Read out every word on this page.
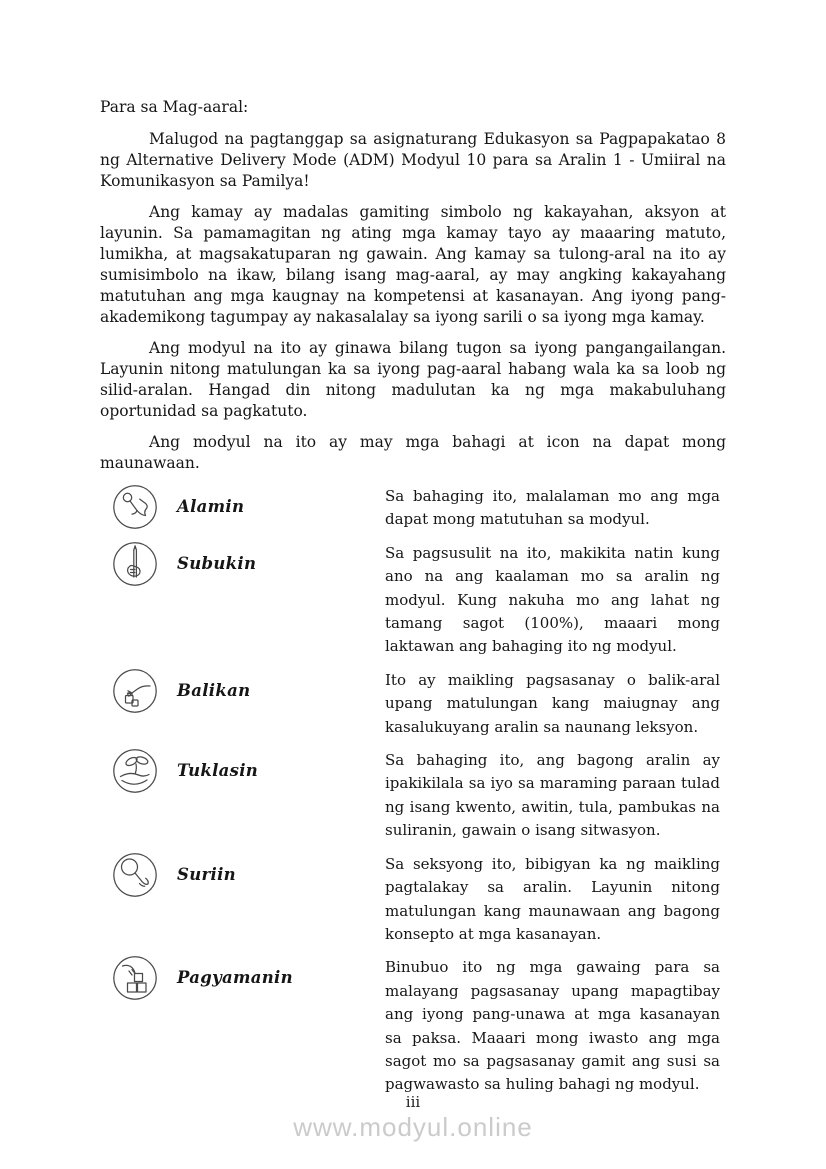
Para sa Mag-aaral:

Malugod na pagtanggap sa asignaturang Edukasyon sa Pagpapakatao 8 ng Alternative Delivery Mode (ADM) Modyul 10 para sa Aralin 1 - Umiiral na Komunikasyon sa Pamilya!

Ang kamay ay madalas gamiting simbolo ng kakayahan, aksyon at layunin. Sa pamamagitan ng ating mga kamay tayo ay maaaring matuto, lumikha, at magsakatuparan ng gawain. Ang kamay sa tulong-aral na ito ay sumisimbolo na ikaw, bilang isang mag-aaral, ay may angking kakayahang matutuhan ang mga kaugnay na kompetensi at kasanayan. Ang iyong pang-akademikong tagumpay ay nakasalalay sa iyong sarili o sa iyong mga kamay.

Ang modyul na ito ay ginawa bilang tugon sa iyong pangangailangan. Layunin nitong matulungan ka sa iyong pag-aaral habang wala ka sa loob ng silid-aralan. Hangad din nitong madulutan ka ng mga makabuluhang oportunidad sa pagkatuto.

Ang modyul na ito ay may mga bahagi at icon na dapat mong maunawaan.

Alamin
Sa bahaging ito, malalaman mo ang mga dapat mong matutuhan sa modyul.
Subukin
Sa pagsusulit na ito, makikita natin kung ano na ang kaalaman mo sa aralin ng modyul. Kung nakuha mo ang lahat ng tamang sagot (100%), maaari mong laktawan ang bahaging ito ng modyul.
Balikan
Ito ay maikling pagsasanay o balik-aral upang matulungan kang maiugnay ang kasalukuyang aralin sa naunang leksyon.
Tuklasin
Sa bahaging ito, ang bagong aralin ay ipakikilala sa iyo sa maraming paraan tulad ng isang kwento, awitin, tula, pambukas na suliranin, gawain o isang sitwasyon.
Suriin
Sa seksyong ito, bibigyan ka ng maikling pagtalakay sa aralin. Layunin nitong matulungan kang maunawaan ang bagong konsepto at mga kasanayan.
Pagyamanin
Binubuo ito ng mga gawaing para sa malayang pagsasanay upang mapagtibay ang iyong pang-unawa at mga kasanayan sa paksa. Maaari mong iwasto ang mga sagot mo sa pagsasanay gamit ang susi sa pagwawasto sa huling bahagi ng modyul.
iii
www.modyul.online
